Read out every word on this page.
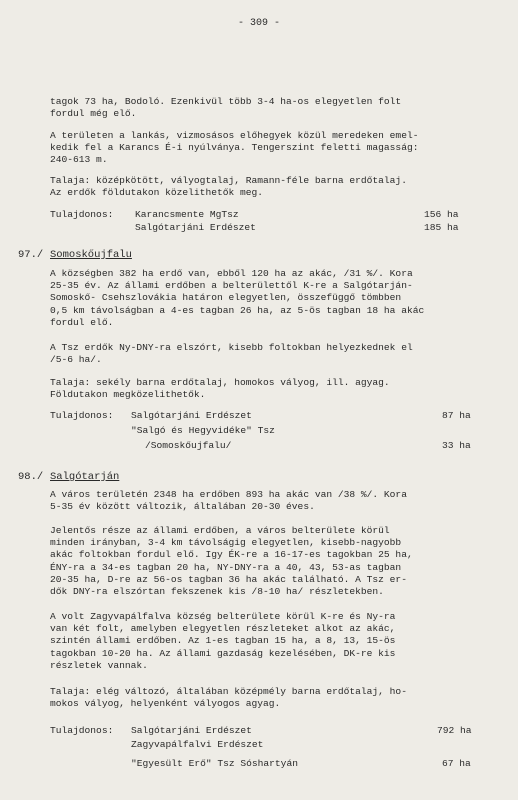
- 309 -
tagok 73 ha, Bodoló. Ezenkivül több 3-4 ha-os elegyetlen folt
fordul még elő.
A területen a lankás, vizmosásos előhegyek közül meredeken emel-
kedik fel a Karancs É-i nyúlványa. Tengerszint feletti magasság:
240-613 m.
Talaja: középkötött, vályogtalaj, Ramann-féle barna erdőtalaj.
Az erdők földutakon közelithetők meg.
Tulajdonos: Karancsmente MgTsz	156 ha
Salgótarjáni Erdészet	185 ha
97./ Somoskőujfalu
A községben 382 ha erdő van, ebből 120 ha az akác, /31 %/. Kora
25-35 év. Az állami erdőben a belterülettől K-re a Salgótarján-
Somoskő- Csehszlovákia határon elegyetlen, összefüggő tömbben
0,5 km távolságban a 4-es tagban 26 ha, az 5-ös tagban 18 ha akác
fordul elő.
A Tsz erdők Ny-DNY-ra elszórt, kisebb foltokban helyezkednek el
/5-6 ha/.
Talaja: sekély barna erdőtalaj, homokos vályog, ill. agyag.
Földutakon megközelithetők.
Tulajdonos: Salgótarjáni Erdészet	87 ha
"Salgó és Hegyvidéke" Tsz
/Somoskőujfalu/	33 ha
98./ Salgótarján
A város területén 2348 ha erdőben 893 ha akác van /38 %/. Kora
5-35 év között változik, általában 20-30 éves.
Jelentős része az állami erdőben, a város belterülete körül
minden irányban, 3-4 km távolságig elegyetlen, kisebb-nagyobb
akác foltokban fordul elő. Igy ÉK-re a 16-17-es tagokban 25 ha,
ÉNY-ra a 34-es tagban 20 ha, NY-DNY-ra a 40, 43, 53-as tagban
20-35 ha, D-re az 56-os tagban 36 ha akác található. A Tsz er-
dők DNY-ra elszórtan fekszenek kis /8-10 ha/ részletekben.
A volt Zagyvapálfalva község belterülete körül K-re és Ny-ra
van két folt, amelyben elegyetlen részleteket alkot az akác,
szintén állami erdőben. Az 1-es tagban 15 ha, a 8, 13, 15-ös
tagokban 10-20 ha. Az állami gazdaság kezelésében, DK-re kis
részletek vannak.
Talaja: elég változó, általában középmély barna erdőtalaj, ho-
mokos vályog, helyenként vályogos agyag.
Tulajdonos: Salgótarjáni Erdészet	792 ha
Zagyvapálfalvi Erdészet
"Egyesült Erő" Tsz Sóshartyán	67 ha
